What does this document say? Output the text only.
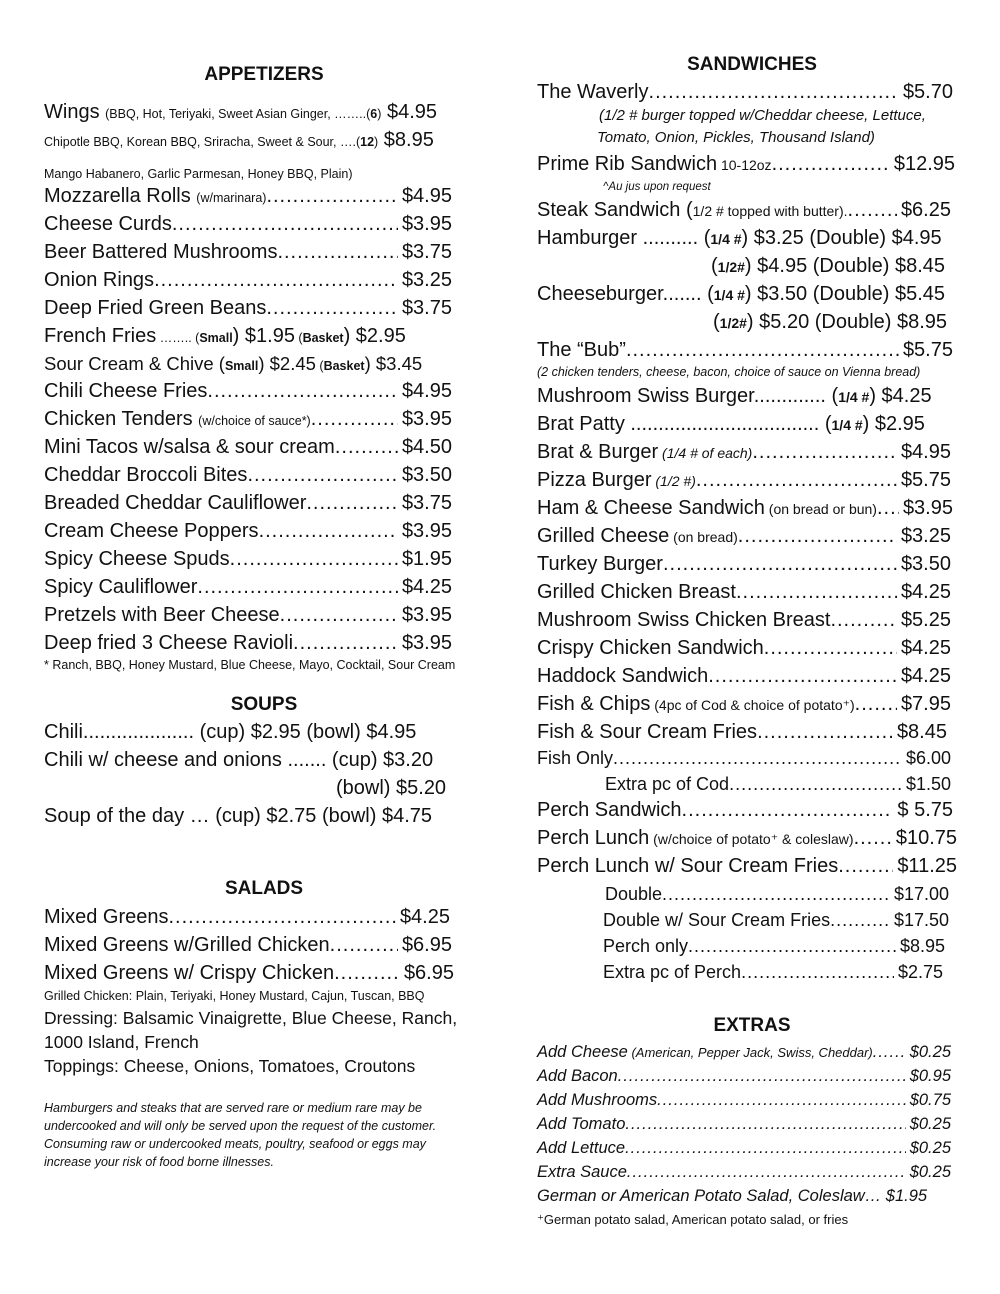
APPETIZERS
Wings (BBQ, Hot, Teriyaki, Sweet Asian Ginger, ……..(6) $4.95
Chipotle BBQ, Korean BBQ, Sriracha, Sweet & Sour, ….(12) $8.95
Mango Habanero, Garlic Parmesan, Honey BBQ, Plain)
Mozzarella Rolls (w/marinara) .....	$4.95
Cheese Curds .....	$3.95
Beer Battered Mushrooms .....	$3.75
Onion Rings .....	$3.25
Deep Fried Green Beans .....	$3.75
French Fries …….. (Small) $1.95 (Basket) $2.95
Sour Cream & Chive (Small) $2.45 (Basket) $3.45
Chili Cheese Fries .....	$4.95
Chicken Tenders (w/choice of sauce*) .....	$3.95
Mini Tacos w/salsa & sour cream .....	$4.50
Cheddar Broccoli Bites .....	$3.50
Breaded Cheddar Cauliflower .....	$3.75
Cream Cheese Poppers .....	$3.95
Spicy Cheese Spuds .....	$1.95
Spicy Cauliflower .....	$4.25
Pretzels with Beer Cheese .....	$3.95
Deep fried 3 Cheese Ravioli .....	$3.95
* Ranch, BBQ, Honey Mustard, Blue Cheese, Mayo, Cocktail, Sour Cream
SOUPS
Chili.................... (cup) $2.95 (bowl) $4.95
Chili w/ cheese and onions ....... (cup) $3.20
(bowl) $5.20
Soup of the day … (cup) $2.75 (bowl) $4.75
SALADS
Mixed Greens .....	$4.25
Mixed Greens w/Grilled Chicken .....	$6.95
Mixed Greens w/ Crispy Chicken .....	$6.95
Grilled Chicken: Plain, Teriyaki, Honey Mustard, Cajun, Tuscan, BBQ
Dressing: Balsamic Vinaigrette, Blue Cheese, Ranch,
1000 Island, French
Toppings: Cheese, Onions, Tomatoes, Croutons
Hamburgers and steaks that are served rare or medium rare may be
undercooked and will only be served upon the request of the customer.
Consuming raw or undercooked meats, poultry, seafood or eggs may
increase your risk of food borne illnesses.
SANDWICHES
The Waverly .....	$5.70
(1/2 # burger topped w/Cheddar cheese, Lettuce,
Tomato, Onion, Pickles, Thousand Island)
Prime Rib Sandwich 10-12oz .....	$12.95
^Au jus upon request
Steak Sandwich (1/2 # topped with butter). .....	$6.25
Hamburger .......... (1/4 #) $3.25 (Double) $4.95
(1/2#) $4.95 (Double) $8.45
Cheeseburger....... (1/4 #) $3.50 (Double) $5.45
(1/2#) $5.20 (Double) $8.95
The “Bub” .....	$5.75
(2 chicken tenders, cheese, bacon, choice of sauce on Vienna bread)
Mushroom Swiss Burger............. (1/4 #) $4.25
Brat Patty .................................. (1/4 #) $2.95
Brat & Burger (1/4 # of each) .....	$4.95
Pizza Burger (1/2 #) .....	$5.75
Ham & Cheese Sandwich (on bread or bun) ..... $3.95
Grilled Cheese (on bread) .....	$3.25
Turkey Burger .....	$3.50
Grilled Chicken Breast .....	$4.25
Mushroom Swiss Chicken Breast .....	$5.25
Crispy Chicken Sandwich .....	$4.25
Haddock Sandwich .....	$4.25
Fish & Chips (4pc of Cod & choice of potato⁺) ..... $7.95
Fish & Sour Cream Fries .....	$8.45
Fish Only .....	$6.00
Extra pc of Cod .....	$1.50
Perch Sandwich .....	$ 5.75
Perch Lunch (w/choice of potato⁺ & coleslaw) ..... $10.75
Perch Lunch w/ Sour Cream Fries .....	$11.25
Double .....	$17.00
Double w/ Sour Cream Fries .....	$17.50
Perch only .....	$8.95
Extra pc of Perch .....	$2.75
EXTRAS
Add Cheese (American, Pepper Jack, Swiss, Cheddar) ..... $0.25
Add Bacon .....	$0.95
Add Mushrooms .....	$0.75
Add Tomato .....	$0.25
Add Lettuce .....	$0.25
Extra Sauce .....	$0.25
German or American Potato Salad, Coleslaw… $1.95
⁺German potato salad, American potato salad, or fries
